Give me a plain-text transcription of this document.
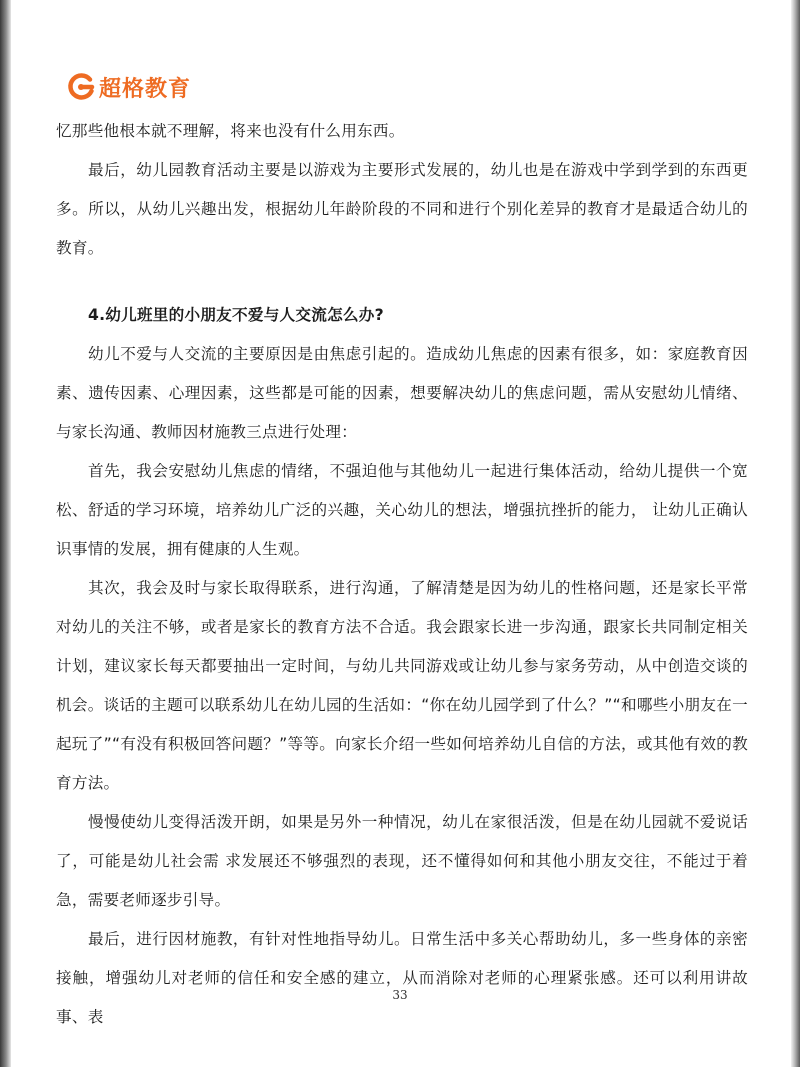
超格教育

忆那些他根本就不理解，将来也没有什么用东西。

最后，幼儿园教育活动主要是以游戏为主要形式发展的，幼儿也是在游戏中学到学到的东西更多。所以，从幼儿兴趣出发，根据幼儿年龄阶段的不同和进行个别化差异的教育才是最适合幼儿的教育。

4.幼儿班里的小朋友不爱与人交流怎么办?

幼儿不爱与人交流的主要原因是由焦虑引起的。造成幼儿焦虑的因素有很多，如：家庭教育因素、遗传因素、心理因素，这些都是可能的因素，想要解决幼儿的焦虑问题，需从安慰幼儿情绪、与家长沟通、教师因材施教三点进行处理：

首先，我会安慰幼儿焦虑的情绪，不强迫他与其他幼儿一起进行集体活动，给幼儿提供一个宽松、舒适的学习环境，培养幼儿广泛的兴趣，关心幼儿的想法，增强抗挫折的能力， 让幼儿正确认识事情的发展，拥有健康的人生观。

其次，我会及时与家长取得联系，进行沟通，了解清楚是因为幼儿的性格问题，还是家长平常对幼儿的关注不够，或者是家长的教育方法不合适。我会跟家长进一步沟通，跟家长共同制定相关计划，建议家长每天都要抽出一定时间，与幼儿共同游戏或让幼儿参与家务劳动，从中创造交谈的机会。谈话的主题可以联系幼儿在幼儿园的生活如：“你在幼儿园学到了什么？”“和哪些小朋友在一起玩了”“有没有积极回答问题？”等等。向家长介绍一些如何培养幼儿自信的方法，或其他有效的教育方法。

慢慢使幼儿变得活泼开朗，如果是另外一种情况，幼儿在家很活泼，但是在幼儿园就不爱说话了，可能是幼儿社会需 求发展还不够强烈的表现，还不懂得如何和其他小朋友交往，不能过于着急，需要老师逐步引导。

最后，进行因材施教，有针对性地指导幼儿。日常生活中多关心帮助幼儿，多一些身体的亲密接触，增强幼儿对老师的信任和安全感的建立，从而消除对老师的心理紧张感。还可以利用讲故事、表

33
